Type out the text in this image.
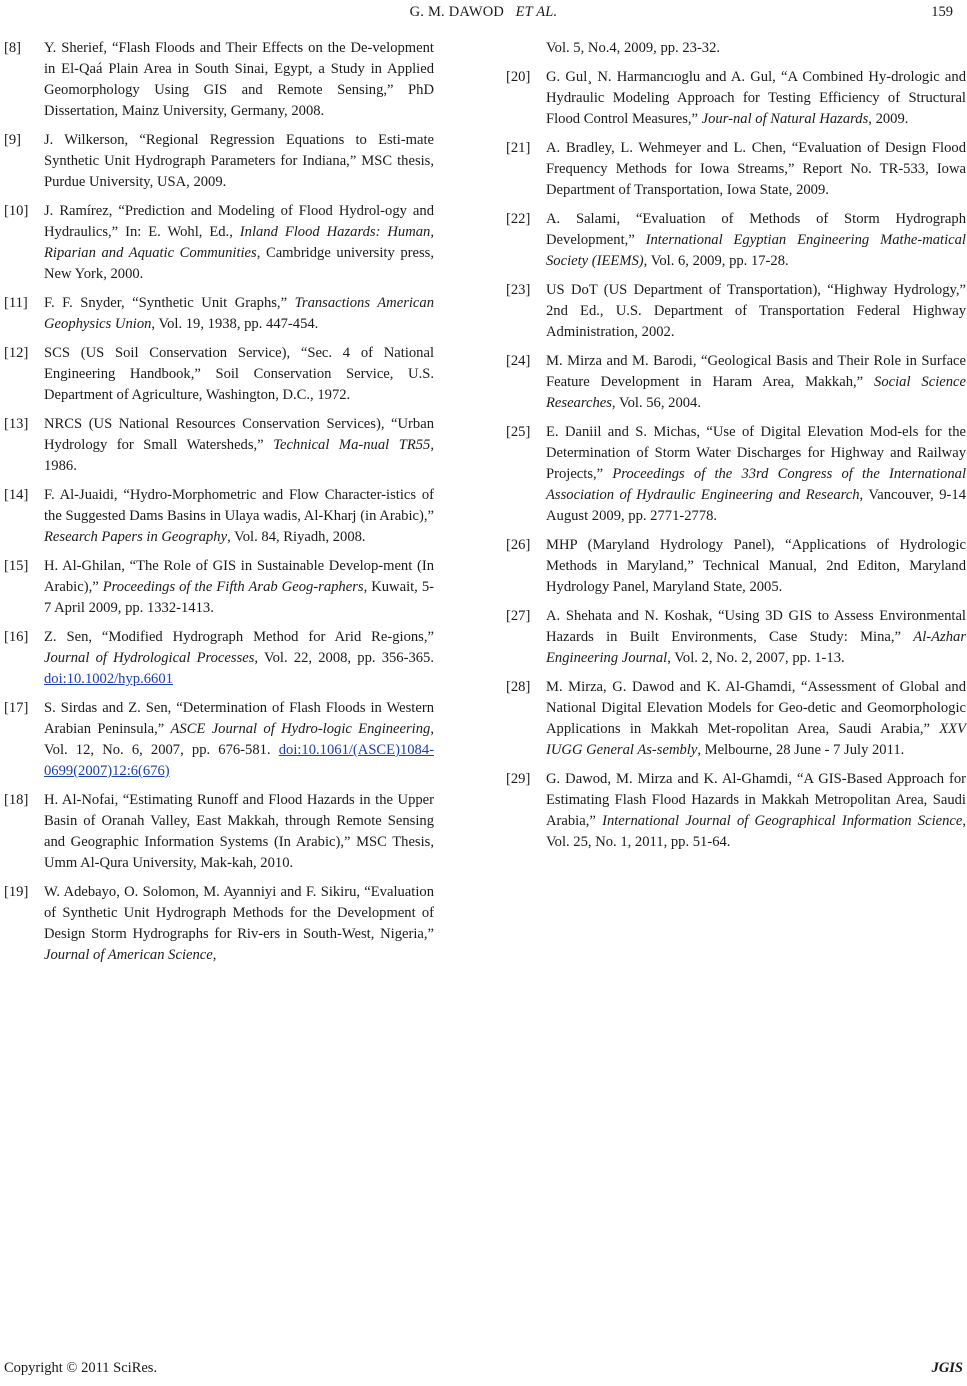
G. M. DAWOD ET AL.	159
[8]	Y. Sherief, “Flash Floods and Their Effects on the De-velopment in El-Qaá Plain Area in South Sinai, Egypt, a Study in Applied Geomorphology Using GIS and Remote Sensing,” PhD Dissertation, Mainz University, Germany, 2008.
[9]	J. Wilkerson, “Regional Regression Equations to Esti-mate Synthetic Unit Hydrograph Parameters for Indiana,” MSC thesis, Purdue University, USA, 2009.
[10]	J. Ramírez, “Prediction and Modeling of Flood Hydrol-ogy and Hydraulics,” In: E. Wohl, Ed., Inland Flood Hazards: Human, Riparian and Aquatic Communities, Cambridge university press, New York, 2000.
[11]	F. F. Snyder, “Synthetic Unit Graphs,” Transactions American Geophysics Union, Vol. 19, 1938, pp. 447-454.
[12]	SCS (US Soil Conservation Service), “Sec. 4 of National Engineering Handbook,” Soil Conservation Service, U.S. Department of Agriculture, Washington, D.C., 1972.
[13]	NRCS (US National Resources Conservation Services), “Urban Hydrology for Small Watersheds,” Technical Ma-nual TR55, 1986.
[14]	F. Al-Juaidi, “Hydro-Morphometric and Flow Character-istics of the Suggested Dams Basins in Ulaya wadis, Al-Kharj (in Arabic),” Research Papers in Geography, Vol. 84, Riyadh, 2008.
[15]	H. Al-Ghilan, “The Role of GIS in Sustainable Develop-ment (In Arabic),” Proceedings of the Fifth Arab Geog-raphers, Kuwait, 5-7 April 2009, pp. 1332-1413.
[16]	Z. Sen, “Modified Hydrograph Method for Arid Re-gions,” Journal of Hydrological Processes, Vol. 22, 2008, pp. 356-365. doi:10.1002/hyp.6601
[17]	S. Sirdas and Z. Sen, “Determination of Flash Floods in Western Arabian Peninsula,” ASCE Journal of Hydro-logic Engineering, Vol. 12, No. 6, 2007, pp. 676-581. doi:10.1061/(ASCE)1084-0699(2007)12:6(676)
[18]	H. Al-Nofai, “Estimating Runoff and Flood Hazards in the Upper Basin of Oranah Valley, East Makkah, through Remote Sensing and Geographic Information Systems (In Arabic),” MSC Thesis, Umm Al-Qura University, Mak-kah, 2010.
[19]	W. Adebayo, O. Solomon, M. Ayanniyi and F. Sikiru, “Evaluation of Synthetic Unit Hydrograph Methods for the Development of Design Storm Hydrographs for Riv-ers in South-West, Nigeria,” Journal of American Science,
Vol. 5, No.4, 2009, pp. 23-32.
[20]	G. Gul¸ N. Harmancıoglu and A. Gul, “A Combined Hy-drologic and Hydraulic Modeling Approach for Testing Efficiency of Structural Flood Control Measures,” Jour-nal of Natural Hazards, 2009.
[21]	A. Bradley, L. Wehmeyer and L. Chen, “Evaluation of Design Flood Frequency Methods for Iowa Streams,” Report No. TR-533, Iowa Department of Transportation, Iowa State, 2009.
[22]	A. Salami, “Evaluation of Methods of Storm Hydrograph Development,” International Egyptian Engineering Mathe-matical Society (IEEMS), Vol. 6, 2009, pp. 17-28.
[23]	US DoT (US Department of Transportation), “Highway Hydrology,” 2nd Ed., U.S. Department of Transportation Federal Highway Administration, 2002.
[24]	M. Mirza and M. Barodi, “Geological Basis and Their Role in Surface Feature Development in Haram Area, Makkah,” Social Science Researches, Vol. 56, 2004.
[25]	E. Daniil and S. Michas, “Use of Digital Elevation Mod-els for the Determination of Storm Water Discharges for Highway and Railway Projects,” Proceedings of the 33rd Congress of the International Association of Hydraulic Engineering and Research, Vancouver, 9-14 August 2009, pp. 2771-2778.
[26]	MHP (Maryland Hydrology Panel), “Applications of Hydrologic Methods in Maryland,” Technical Manual, 2nd Editon, Maryland Hydrology Panel, Maryland State, 2005.
[27]	A. Shehata and N. Koshak, “Using 3D GIS to Assess Environmental Hazards in Built Environments, Case Study: Mina,” Al-Azhar Engineering Journal, Vol. 2, No. 2, 2007, pp. 1-13.
[28]	M. Mirza, G. Dawod and K. Al-Ghamdi, “Assessment of Global and National Digital Elevation Models for Geo-detic and Geomorphologic Applications in Makkah Met-ropolitan Area, Saudi Arabia,” XXV IUGG General As-sembly, Melbourne, 28 June - 7 July 2011.
[29]	G. Dawod, M. Mirza and K. Al-Ghamdi, “A GIS-Based Approach for Estimating Flash Flood Hazards in Makkah Metropolitan Area, Saudi Arabia,” International Journal of Geographical Information Science, Vol. 25, No. 1, 2011, pp. 51-64.
Copyright © 2011 SciRes.	JGIS
